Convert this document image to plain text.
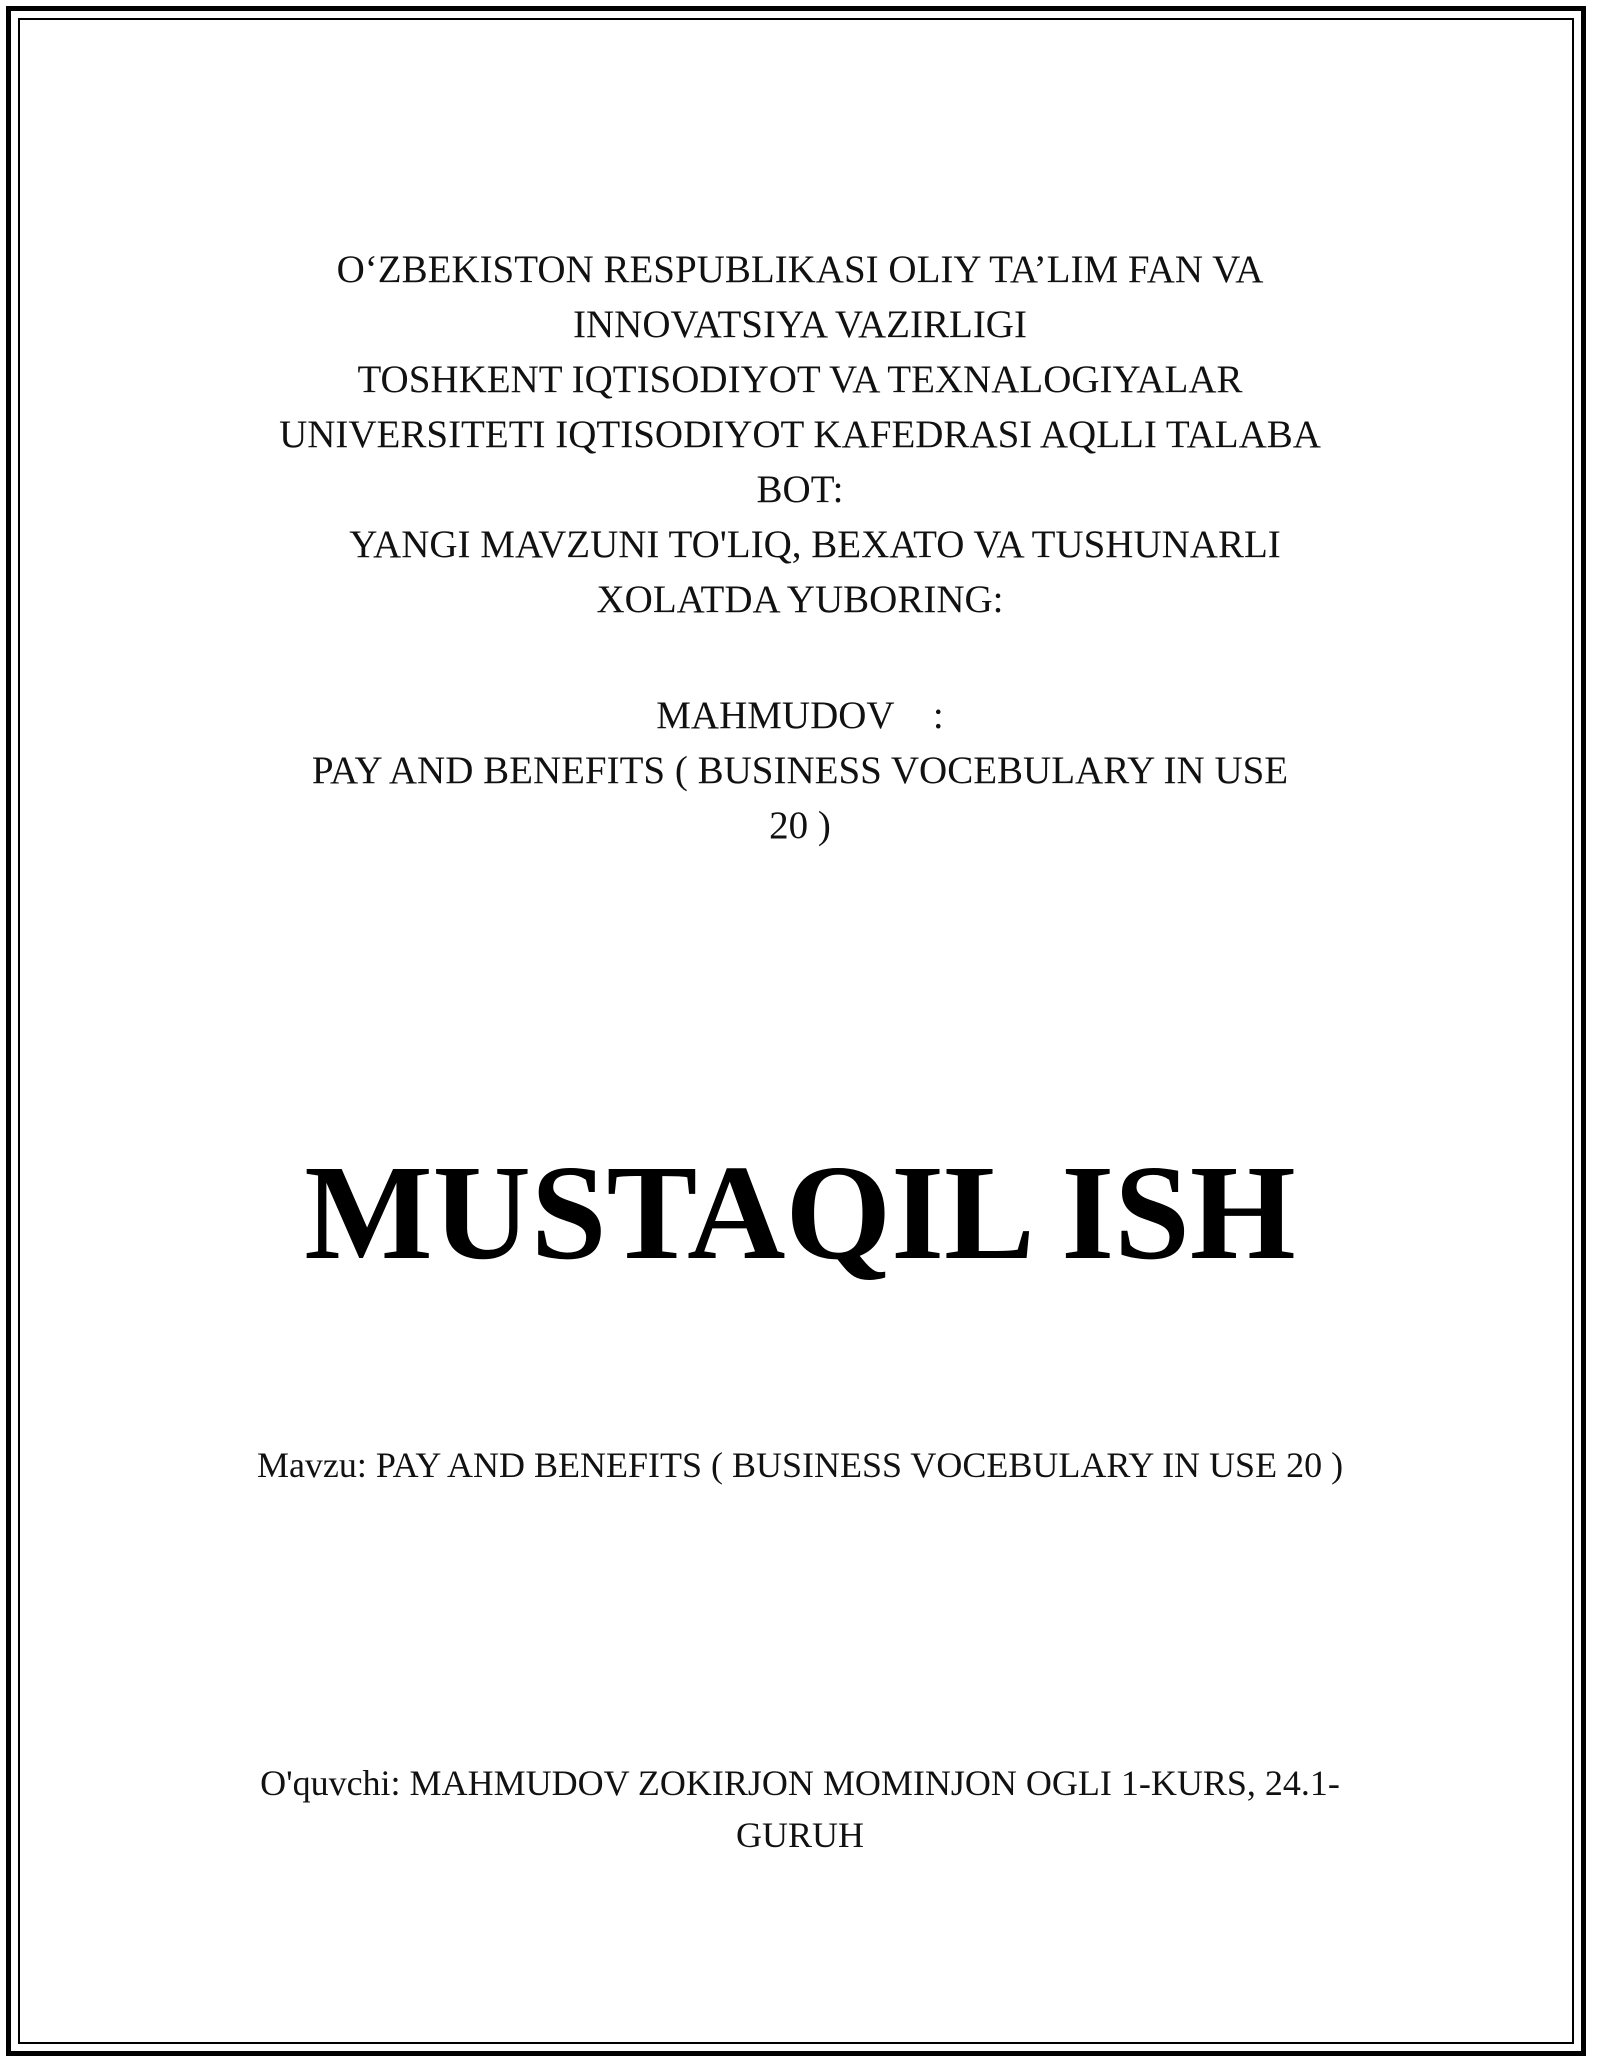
O‘ZBEKISTON RESPUBLIKASI OLIY TA’LIM FAN VA
INNOVATSIYA VAZIRLIGI
TOSHKENT IQTISODIYOT VA TEXNALOGIYALAR
UNIVERSITETI IQTISODIYOT KAFEDRASI AQLLI TALABA
BOT:
YANGI MAVZUNI TO'LIQ, BEXATO VA TUSHUNARLI
XOLATDA YUBORING:
MAHMUDOV    :
PAY AND BENEFITS ( BUSINESS VOCEBULARY IN USE
20 )
MUSTAQIL ISH
Mavzu: PAY AND BENEFITS ( BUSINESS VOCEBULARY IN USE 20 )
O'quvchi: MAHMUDOV ZOKIRJON MOMINJON OGLI 1-KURS, 24.1-
GURUH
